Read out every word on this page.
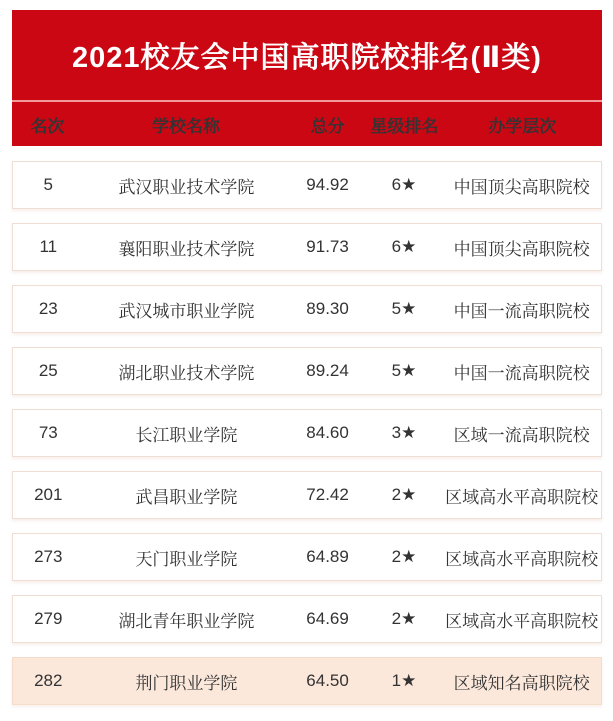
2021校友会中国高职院校排名(Ⅱ类)
名次	学校名称	总分	星级排名	办学层次
5	武汉职业技术学院	94.92	6★	中国顶尖高职院校
11	襄阳职业技术学院	91.73	6★	中国顶尖高职院校
23	武汉城市职业学院	89.30	5★	中国一流高职院校
25	湖北职业技术学院	89.24	5★	中国一流高职院校
73	长江职业学院	84.60	3★	区域一流高职院校
201	武昌职业学院	72.42	2★	区域高水平高职院校
273	天门职业学院	64.89	2★	区域高水平高职院校
279	湖北青年职业学院	64.69	2★	区域高水平高职院校
282	荆门职业学院	64.50	1★	区域知名高职院校
